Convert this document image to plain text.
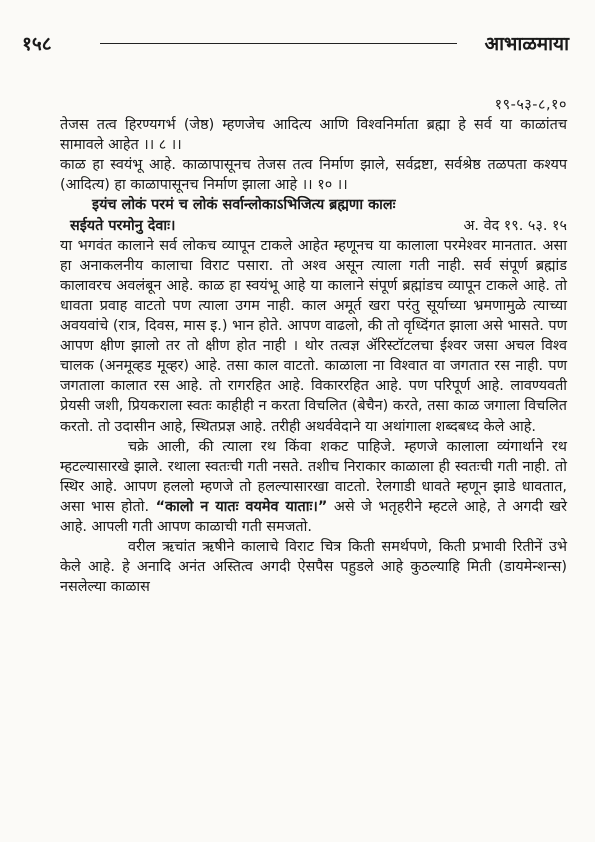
१५८	आभाळमाया

१९-५३-८,१०

तेजस तत्व हिरण्यगर्भ (जेष्ठ) म्हणजेच आदित्य आणि विश्वनिर्माता ब्रह्मा हे सर्व या काळांतच सामावले आहेत ।। ८ ।।

काळ हा स्वयंभू आहे. काळापासूनच तेजस तत्व निर्माण झाले, सर्वद्रष्टा, सर्वश्रेष्ठ तळपता कश्यप (आदित्य) हा काळापासूनच निर्माण झाला आहे ।। १० ।।

इयंच लोकं परमं च लोकं सर्वान्लोकाऽभिजित्य ब्रह्मणा कालः

सईयते परमोनु देवाः।	अ. वेद १९. ५३. १५

या भगवंत कालाने सर्व लोकच व्यापून टाकले आहेत म्हणूनच या कालाला परमेश्वर मानतात. असा हा अनाकलनीय कालाचा विराट पसारा. तो अश्व असून त्याला गती नाही. सर्व संपूर्ण ब्रह्मांड कालावरच अवलंबून आहे. काळ हा स्वयंभू आहे या कालाने संपूर्ण ब्रह्मांडच व्यापून टाकले आहे. तो धावता प्रवाह वाटतो पण त्याला उगम नाही. काल अमूर्त खरा परंतु सूर्याच्या भ्रमणामुळे त्याच्या अवयवांचे (रात्र, दिवस, मास इ.) भान होते. आपण वाढलो, की तो वृध्दिंगत झाला असे भासते. पण आपण क्षीण झालो तर तो क्षीण होत नाही । थोर तत्वज्ञ ॲरिस्टॉटलचा ईश्वर जसा अचल विश्व चालक (अनमूव्हड मूव्हर) आहे. तसा काल वाटतो. काळाला ना विश्वात वा जगतात रस नाही. पण जगताला कालात रस आहे. तो रागरहित आहे. विकाररहित आहे. पण परिपूर्ण आहे. लावण्यवती प्रेयसी जशी, प्रियकराला स्वतः काहीही न करता विचलित (बेचैन) करते, तसा काळ जगाला विचलित करतो. तो उदासीन आहे, स्थितप्रज्ञ आहे. तरीही अथर्ववेदाने या अथांगाला शब्दबध्द केले आहे.

चक्रे आली, की त्याला रथ किंवा शकट पाहिजे. म्हणजे कालाला व्यंगार्थाने रथ म्हटल्यासारखे झाले. रथाला स्वतःची गती नसते. तशीच निराकार काळाला ही स्वतःची गती नाही. तो स्थिर आहे. आपण हललो म्हणजे तो हलल्यासारखा वाटतो. रेलगाडी धावते म्हणून झाडे धावतात, असा भास होतो. “कालो न यातः वयमेव याताः।” असे जे भतृहरीने म्हटले आहे, ते अगदी खरे आहे. आपली गती आपण काळाची गती समजतो.

वरील ऋचांत ऋषीने कालाचे विराट चित्र किती समर्थपणे, किती प्रभावी रितीनें उभे केले आहे. हे अनादि अनंत अस्तित्व अगदी ऐसपैस पहुडले आहे कुठल्याहि मिती (डायमेन्शन्स) नसलेल्या काळास
